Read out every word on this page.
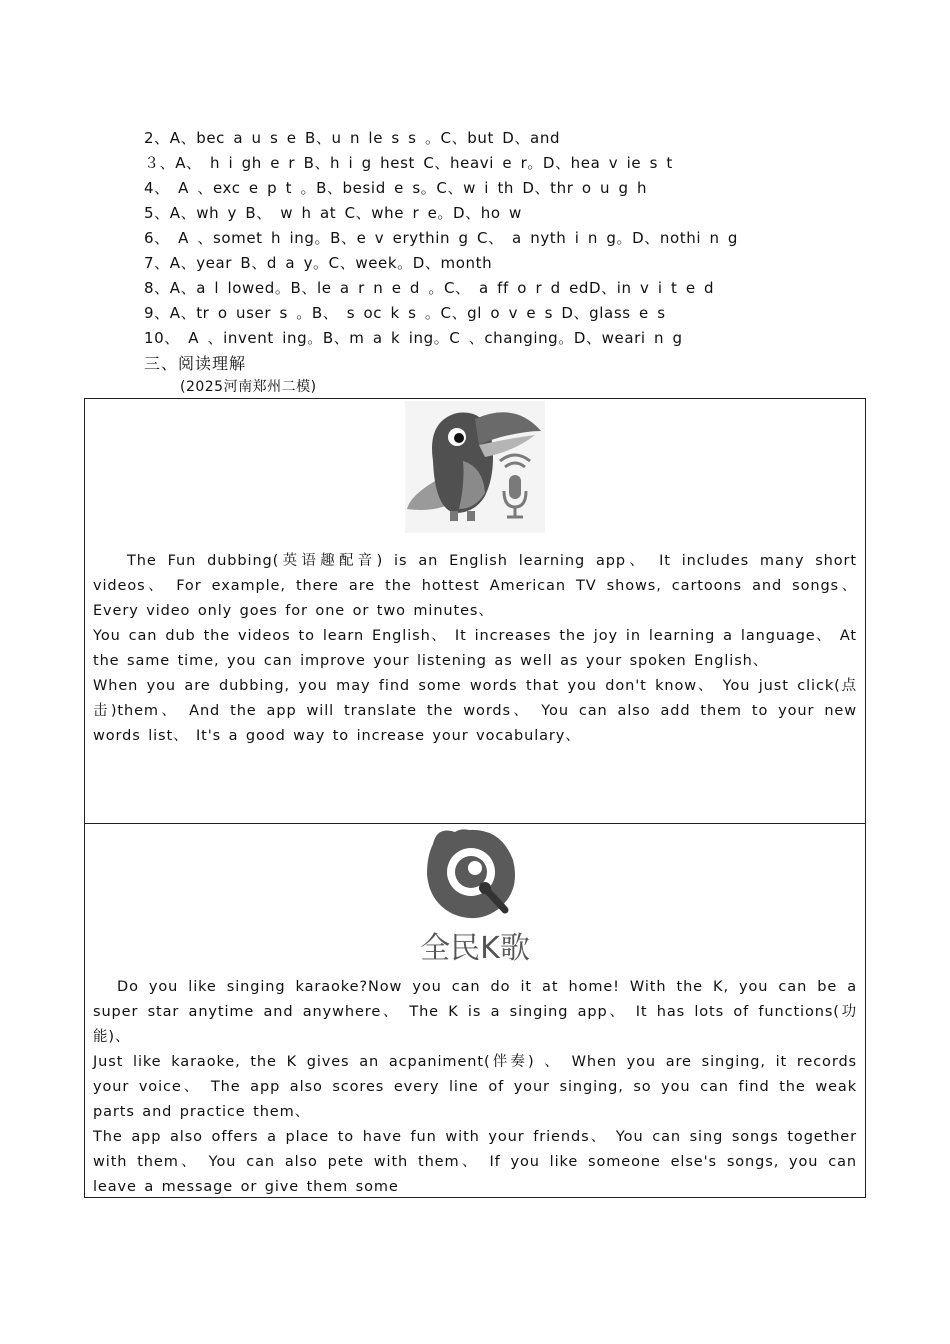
2、A、bec a u s e B、u n le s s 。C、but D、and
３、A、 h i gh e r B、h i g hest C、heavi e r。D、hea v ie s t
4、 A 、exc e p t 。B、besid e s。C、w i th D、thr o u g h
5、A、wh y B、 w h at C、whe r e。D、ho w
6、 A 、somet h ing。B、e v erythin g C、 a nyth i n g。D、nothi n g
7、A、year B、d a y。C、week。D、month
8、A、a l lowed。B、le a r n e d 。C、 a ff o r d edD、in v i t e d
9、A、tr o user s 。B、 s oc k s 。C、gl o v e s D、glass e s
10、 A 、invent ing。B、m a k ing。C 、changing。D、weari n g
三、阅读理解
(2025河南郑州二模)

The Fun dubbing(英语趣配音) is an English learning app、 It includes many short videos、 For example, there are the hottest American TV shows, cartoons and songs、 Every video only goes for one or two minutes、

You can dub the videos to learn English、 It increases the joy in learning a language、 At the same time, you can improve your listening as well as your spoken English、

When you are dubbing, you may find some words that you don't know、 You just click(点击)them、 And the app will translate the words、 You can also add them to your new words list、 It's a good way to increase your vocabulary、

全民K歌

Do you like singing karaoke?Now you can do it at home! With the K, you can be a super star anytime and anywhere、 The K is a singing app、 It has lots of functions(功能)、

Just like karaoke, the K gives an acpaniment(伴奏) 、 When you are singing, it records your voice、 The app also scores every line of your singing, so you can find the weak parts and practice them、

The app also offers a place to have fun with your friends、 You can sing songs together with them、 You can also pete with them、 If you like someone else's songs, you can leave a message or give them some
